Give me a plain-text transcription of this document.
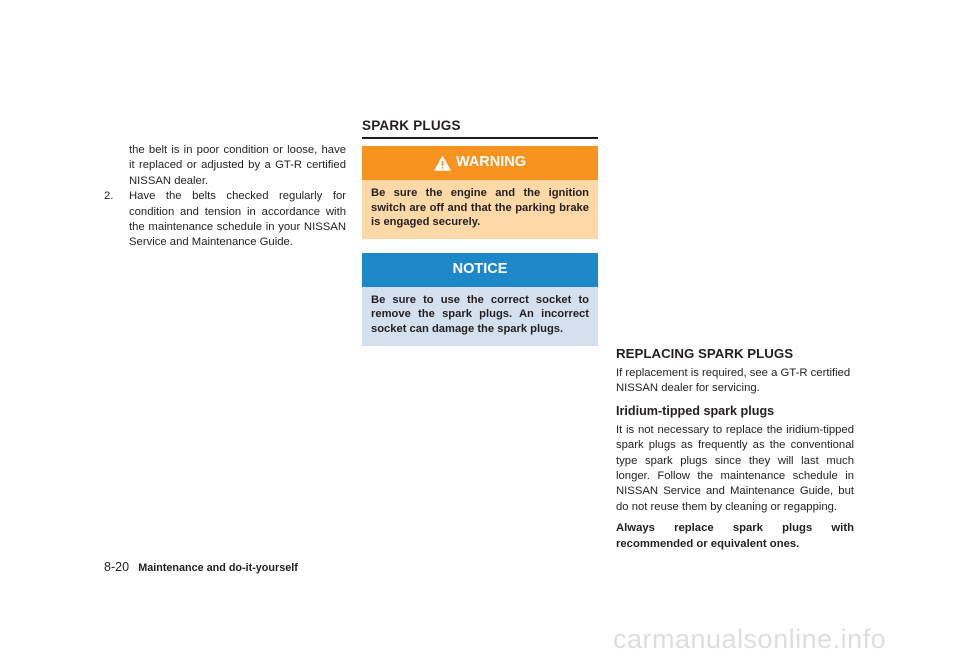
the belt is in poor condition or loose, have it replaced or adjusted by a GT-R certified NISSAN dealer.
2. Have the belts checked regularly for condition and tension in accordance with the maintenance schedule in your NISSAN Service and Maintenance Guide.
SPARK PLUGS
WARNING
Be sure the engine and the ignition switch are off and that the parking brake is engaged securely.
NOTICE
Be sure to use the correct socket to remove the spark plugs. An incorrect socket can damage the spark plugs.
REPLACING SPARK PLUGS
If replacement is required, see a GT-R certified NISSAN dealer for servicing.
Iridium-tipped spark plugs
It is not necessary to replace the iridium-tipped spark plugs as frequently as the conventional type spark plugs since they will last much longer. Follow the maintenance schedule in NISSAN Service and Maintenance Guide, but do not reuse them by cleaning or regapping.
Always replace spark plugs with recommended or equivalent ones.
8-20 Maintenance and do-it-yourself
carmanualsonline.info
